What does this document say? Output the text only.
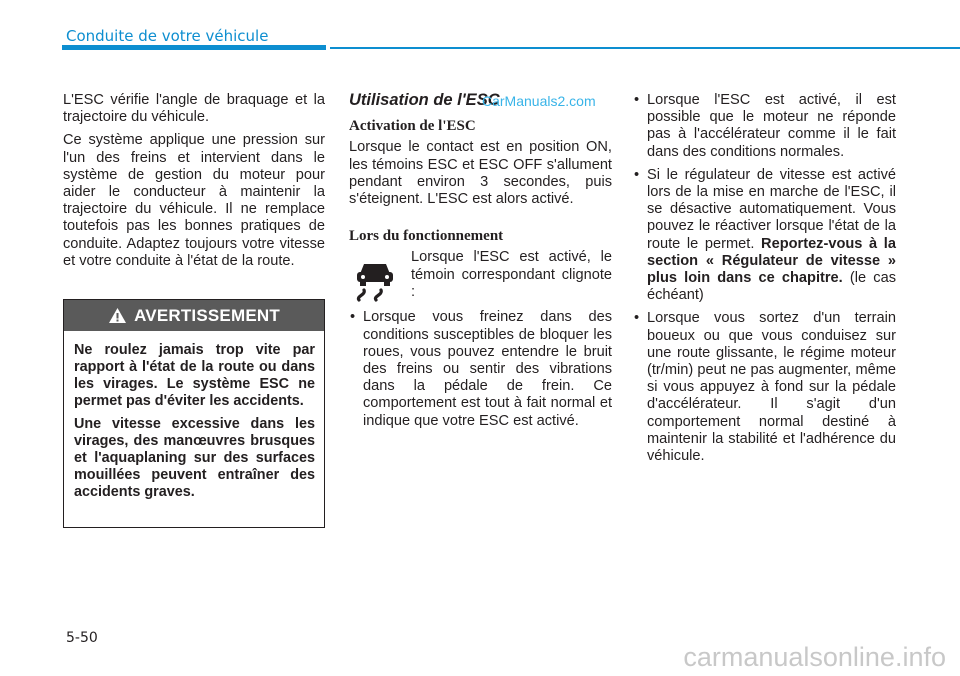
Conduite de votre véhicule

L'ESC vérifie l'angle de braquage et la trajectoire du véhicule.

Ce système applique une pression sur l'un des freins et intervient dans le système de gestion du moteur pour aider le conducteur à maintenir la trajectoire du véhicule. Il ne remplace toutefois pas les bonnes pratiques de conduite. Adaptez toujours votre vitesse et votre conduite à l'état de la route.

AVERTISSEMENT

Ne roulez jamais trop vite par rapport à l'état de la route ou dans les virages. Le système ESC ne permet pas d'éviter les accidents.

Une vitesse excessive dans les virages, des manœuvres brusques et l'aquaplaning sur des surfaces mouillées peuvent entraîner des accidents graves.

Utilisation de l'ESC
Activation de l'ESC

Lorsque le contact est en position ON, les témoins ESC et ESC OFF s'allument pendant environ 3 secondes, puis s'éteignent. L'ESC est alors activé.

Lors du fonctionnement

Lorsque l'ESC est activé, le témoin correspondant clignote :

• Lorsque vous freinez dans des conditions susceptibles de bloquer les roues, vous pouvez entendre le bruit des freins ou sentir des vibrations dans la pédale de frein. Ce comportement est tout à fait normal et indique que votre ESC est activé.
• Lorsque l'ESC est activé, il est possible que le moteur ne réponde pas à l'accélérateur comme il le fait dans des conditions normales.
• Si le régulateur de vitesse est activé lors de la mise en marche de l'ESC, il se désactive automatiquement. Vous pouvez le réactiver lorsque l'état de la route le permet. Reportez-vous à la section « Régulateur de vitesse » plus loin dans ce chapitre. (le cas échéant)
• Lorsque vous sortez d'un terrain boueux ou que vous conduisez sur une route glissante, le régime moteur (tr/min) peut ne pas augmenter, même si vous appuyez à fond sur la pédale d'accélérateur. Il s'agit d'un comportement normal destiné à maintenir la stabilité et l'adhérence du véhicule.
CarManuals2.com
5-50
carmanualsonline.info
